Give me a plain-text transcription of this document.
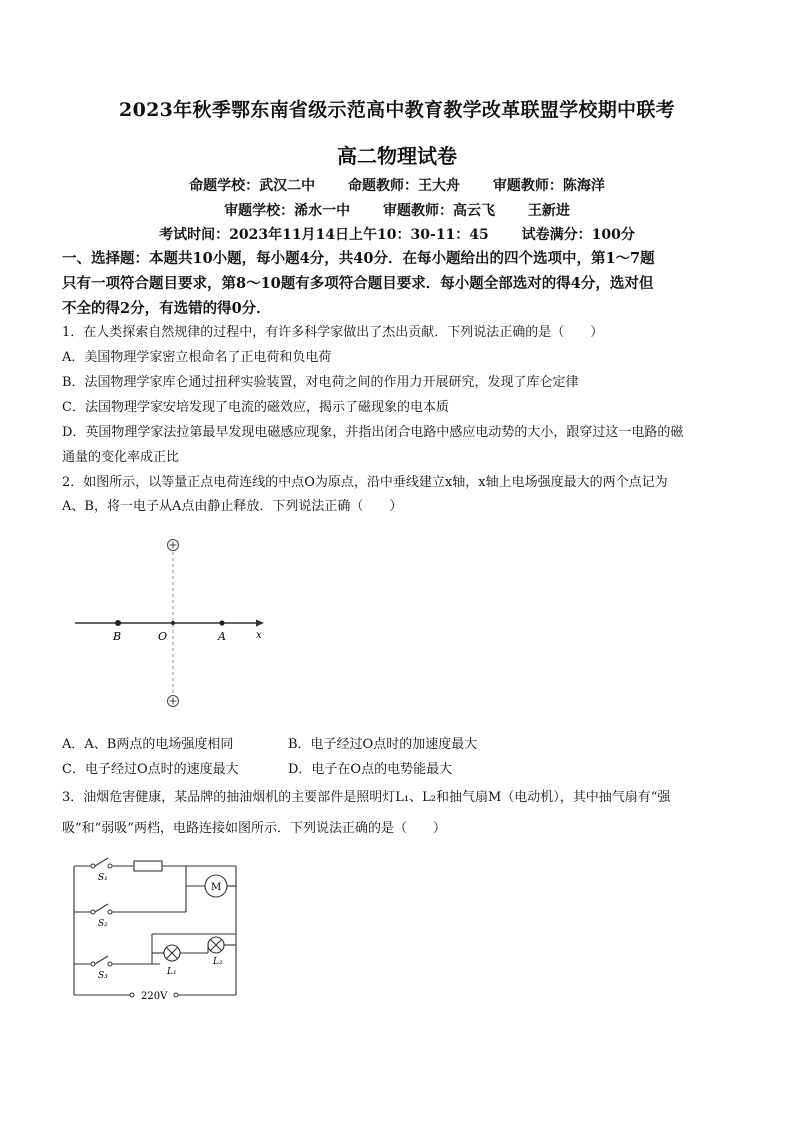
2023年秋季鄂东南省级示范高中教育教学改革联盟学校期中联考
高二物理试卷
命题学校：武汉二中 命题教师：王大舟 审题教师：陈海洋
审题学校：浠水一中 审题教师：高云飞 王新进
考试时间：2023年11月14日上午10：30-11：45 试卷满分：100分
一、选择题：本题共10小题，每小题4分，共40分．在每小题给出的四个选项中，第1～7题
只有一项符合题目要求，第8～10题有多项符合题目要求．每小题全部选对的得4分，选对但
不全的得2分，有选错的得0分．
1．在人类探索自然规律的过程中，有许多科学家做出了杰出贡献．下列说法正确的是（　　）
A．美国物理学家密立根命名了正电荷和负电荷
B．法国物理学家库仑通过扭秤实验装置，对电荷之间的作用力开展研究，发现了库仑定律
C．法国物理学家安培发现了电流的磁效应，揭示了磁现象的电本质
D．英国物理学家法拉第最早发现电磁感应现象，并指出闭合电路中感应电动势的大小，跟穿过这一电路的磁
通量的变化率成正比
2．如图所示，以等量正点电荷连线的中点O为原点，沿中垂线建立x轴，x轴上电场强度最大的两个点记为
A、B，将一电子从A点由静止释放．下列说法正确（　　）
B	O	A	x
A．A、B两点的电场强度相同	B．电子经过O点时的加速度最大
C．电子经过O点时的速度最大	D．电子在O点的电势能最大
3．油烟危害健康，某品牌的抽油烟机的主要部件是照明灯L₁、L₂和抽气扇M（电动机），其中抽气扇有“强
吸”和“弱吸”两档，电路连接如图所示．下列说法正确的是（　　）
M
S₁
S₂
S₃	L₁
L₂
220V
